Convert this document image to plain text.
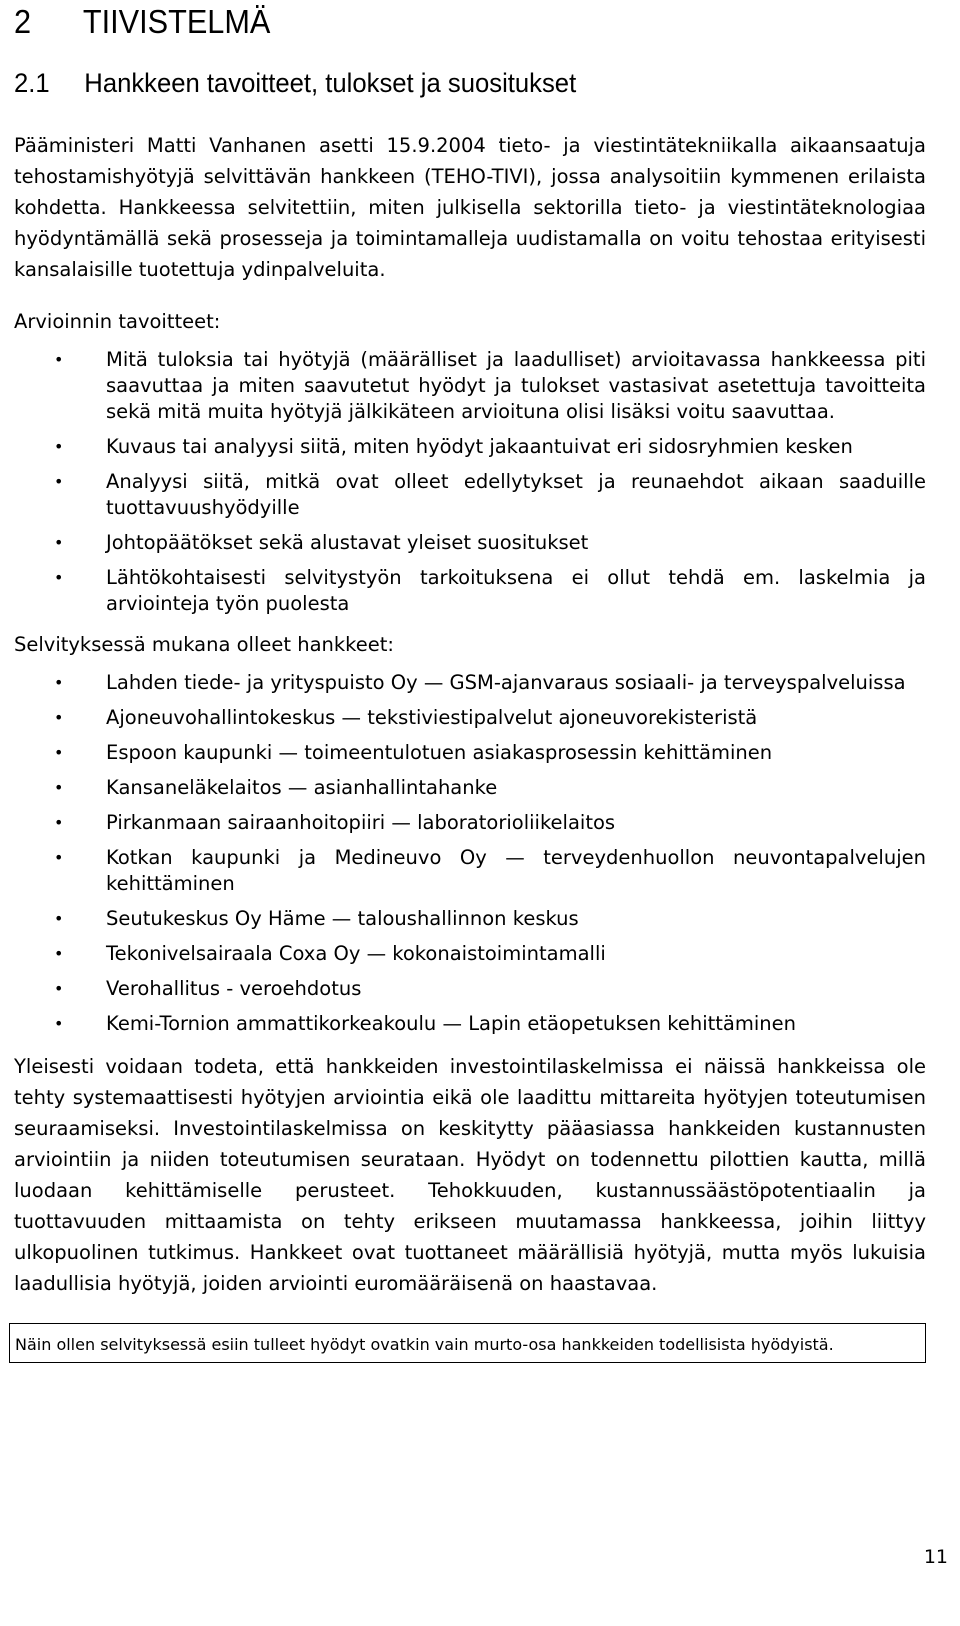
2 TIIVISTELMÄ
2.1 Hankkeen tavoitteet, tulokset ja suositukset

Pääministeri Matti Vanhanen asetti 15.9.2004 tieto- ja viestintätekniikalla aikaansaatuja tehostamishyötyjä selvittävän hankkeen (TEHO-TIVI), jossa analysoitiin kymmenen erilaista kohdetta. Hankkeessa selvitettiin, miten julkisella sektorilla tieto- ja viestintäteknologiaa hyödyntämällä sekä prosesseja ja toimintamalleja uudistamalla on voitu tehostaa erityisesti kansalaisille tuotettuja ydinpalveluita.

Arvioinnin tavoitteet:

• Mitä tuloksia tai hyötyjä (määrälliset ja laadulliset) arvioitavassa hankkeessa piti saavuttaa ja miten saavutetut hyödyt ja tulokset vastasivat asetettuja tavoitteita sekä mitä muita hyötyjä jälkikäteen arvioituna olisi lisäksi voitu saavuttaa.
• Kuvaus tai analyysi siitä, miten hyödyt jakaantuivat eri sidosryhmien kesken
• Analyysi siitä, mitkä ovat olleet edellytykset ja reunaehdot aikaan saaduille tuottavuushyödyille
• Johtopäätökset sekä alustavat yleiset suositukset
• Lähtökohtaisesti selvitystyön tarkoituksena ei ollut tehdä em. laskelmia ja arviointeja työn puolesta

Selvityksessä mukana olleet hankkeet:

• Lahden tiede- ja yrityspuisto Oy — GSM-ajanvaraus sosiaali- ja terveyspalveluissa
• Ajoneuvohallintokeskus — tekstiviestipalvelut ajoneuvorekisteristä
• Espoon kaupunki — toimeentulotuen asiakasprosessin kehittäminen
• Kansaneläkelaitos — asianhallintahanke
• Pirkanmaan sairaanhoitopiiri — laboratorioliikelaitos
• Kotkan kaupunki ja Medineuvo Oy — terveydenhuollon neuvontapalvelujen kehittäminen
• Seutukeskus Oy Häme — taloushallinnon keskus
• Tekonivelsairaala Coxa Oy — kokonaistoimintamalli
• Verohallitus - veroehdotus
• Kemi-Tornion ammattikorkeakoulu — Lapin etäopetuksen kehittäminen

Yleisesti voidaan todeta, että hankkeiden investointilaskelmissa ei näissä hankkeissa ole tehty systemaattisesti hyötyjen arviointia eikä ole laadittu mittareita hyötyjen toteutumisen seuraamiseksi. Investointilaskelmissa on keskitytty pääasiassa hankkeiden kustannusten arviointiin ja niiden toteutumisen seurataan. Hyödyt on todennettu pilottien kautta, millä luodaan kehittämiselle perusteet. Tehokkuuden, kustannussäästöpotentiaalin ja tuottavuuden mittaamista on tehty erikseen muutamassa hankkeessa, joihin liittyy ulkopuolinen tutkimus. Hankkeet ovat tuottaneet määrällisiä hyötyjä, mutta myös lukuisia laadullisia hyötyjä, joiden arviointi euromääräisenä on haastavaa.

Näin ollen selvityksessä esiin tulleet hyödyt ovatkin vain murto-osa hankkeiden todellisista hyödyistä.
11
